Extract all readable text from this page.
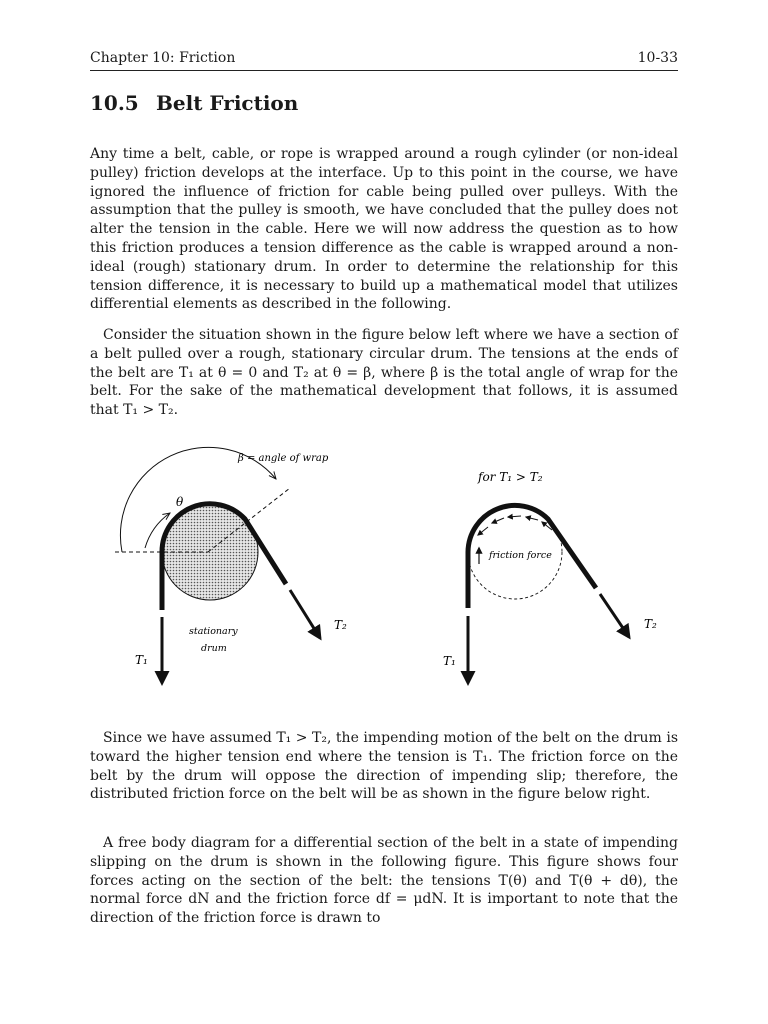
Chapter 10: Friction	10-33
10.5 Belt Friction

Any time a belt, cable, or rope is wrapped around a rough cylinder (or non-ideal pulley) friction develops at the interface. Up to this point in the course, we have ignored the influence of friction for cable being pulled over pulleys. With the assumption that the pulley is smooth, we have concluded that the pulley does not alter the tension in the cable. Here we will now address the question as to how this friction produces a tension difference as the cable is wrapped around a non-ideal (rough) stationary drum. In order to determine the relationship for this tension difference, it is necessary to build up a mathematical model that utilizes differential elements as described in the following.

Consider the situation shown in the figure below left where we have a section of a belt pulled over a rough, stationary circular drum. The tensions at the ends of the belt are T₁ at θ = 0 and T₂ at θ = β, where β is the total angle of wrap for the belt. For the sake of the mathematical development that follows, it is assumed that T₁ > T₂.

β = angle of wrap
θ
stationary
drum
T₁
T₂
for T₁ > T₂
friction force
T₁
T₂

Since we have assumed T₁ > T₂, the impending motion of the belt on the drum is toward the higher tension end where the tension is T₁. The friction force on the belt by the drum will oppose the direction of impending slip; therefore, the distributed friction force on the belt will be as shown in the figure below right.

A free body diagram for a differential section of the belt in a state of impending slipping on the drum is shown in the following figure. This figure shows four forces acting on the section of the belt: the tensions T(θ) and T(θ + dθ), the normal force dN and the friction force df = μdN. It is important to note that the direction of the friction force is drawn to
